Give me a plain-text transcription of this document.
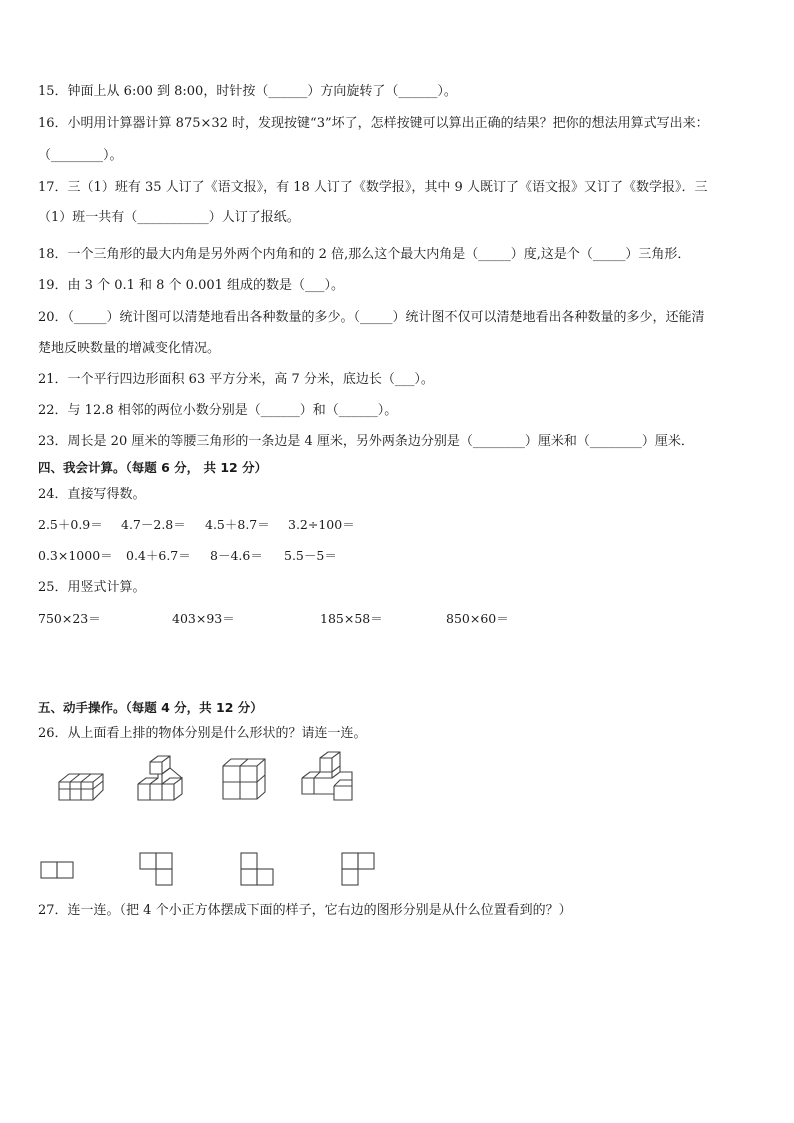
15．钟面上从 6:00 到 8:00，时针按（______）方向旋转了（______）。
16．小明用计算器计算 875×32 时，发现按键“3”坏了，怎样按键可以算出正确的结果？把你的想法用算式写出来：
（________）。
17．三（1）班有 35 人订了《语文报》，有 18 人订了《数学报》，其中 9 人既订了《语文报》又订了《数学报》．三
（1）班一共有（___________）人订了报纸。
18．一个三角形的最大内角是另外两个内角和的 2 倍,那么这个最大内角是（_____）度,这是个（_____）三角形．
19．由 3 个 0.1 和 8 个 0.001 组成的数是（___）。
20．（_____）统计图可以清楚地看出各种数量的多少。（_____）统计图不仅可以清楚地看出各种数量的多少，还能清
楚地反映数量的增减变化情况。
21．一个平行四边形面积 63 平方分米，高 7 分米，底边长（___）。
22．与 12.8 相邻的两位小数分别是（______）和（______）。
23．周长是 20 厘米的等腰三角形的一条边是 4 厘米，另外两条边分别是（________）厘米和（________）厘米．
四、我会计算。（每题 6 分， 共 12 分）
24．直接写得数。
2.5＋0.9＝ 4.7－2.8＝ 4.5＋8.7＝ 3.2÷100＝
0.3×1000＝ 0.4＋6.7＝ 8－4.6＝ 5.5－5＝
25．用竖式计算。
750×23＝	403×93＝	185×58＝	850×60＝
五、动手操作。（每题 4 分，共 12 分）
26．从上面看上排的物体分别是什么形状的？请连一连。
27．连一连。（把 4 个小正方体摆成下面的样子，它右边的图形分别是从什么位置看到的？）
